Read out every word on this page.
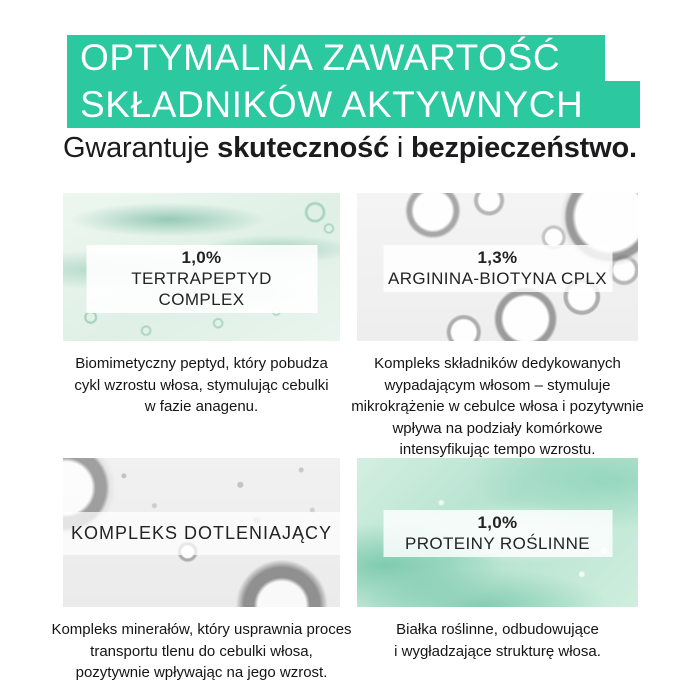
OPTYMALNA ZAWARTOŚĆ
SKŁADNIKÓW AKTYWNYCH

Gwarantuje skuteczność i bezpieczeństwo.

1,0%
TERTRAPEPTYD COMPLEX
Biomimetyczny peptyd, który pobudza
cykl wzrostu włosa, stymulując cebulki
w fazie anagenu.
1,3%
ARGININA-BIOTYNA CPLX
Kompleks składników dedykowanych
wypadającym włosom – stymuluje
mikrokrążenie w cebulce włosa i pozytywnie
wpływa na podziały komórkowe
intensyfikując tempo wzrostu.
KOMPLEKS DOTLENIAJĄCY
Kompleks minerałów, który usprawnia proces
transportu tlenu do cebulki włosa,
pozytywnie wpływając na jego wzrost.
1,0%
PROTEINY ROŚLINNE
Białka roślinne, odbudowujące
i wygładzające strukturę włosa.
